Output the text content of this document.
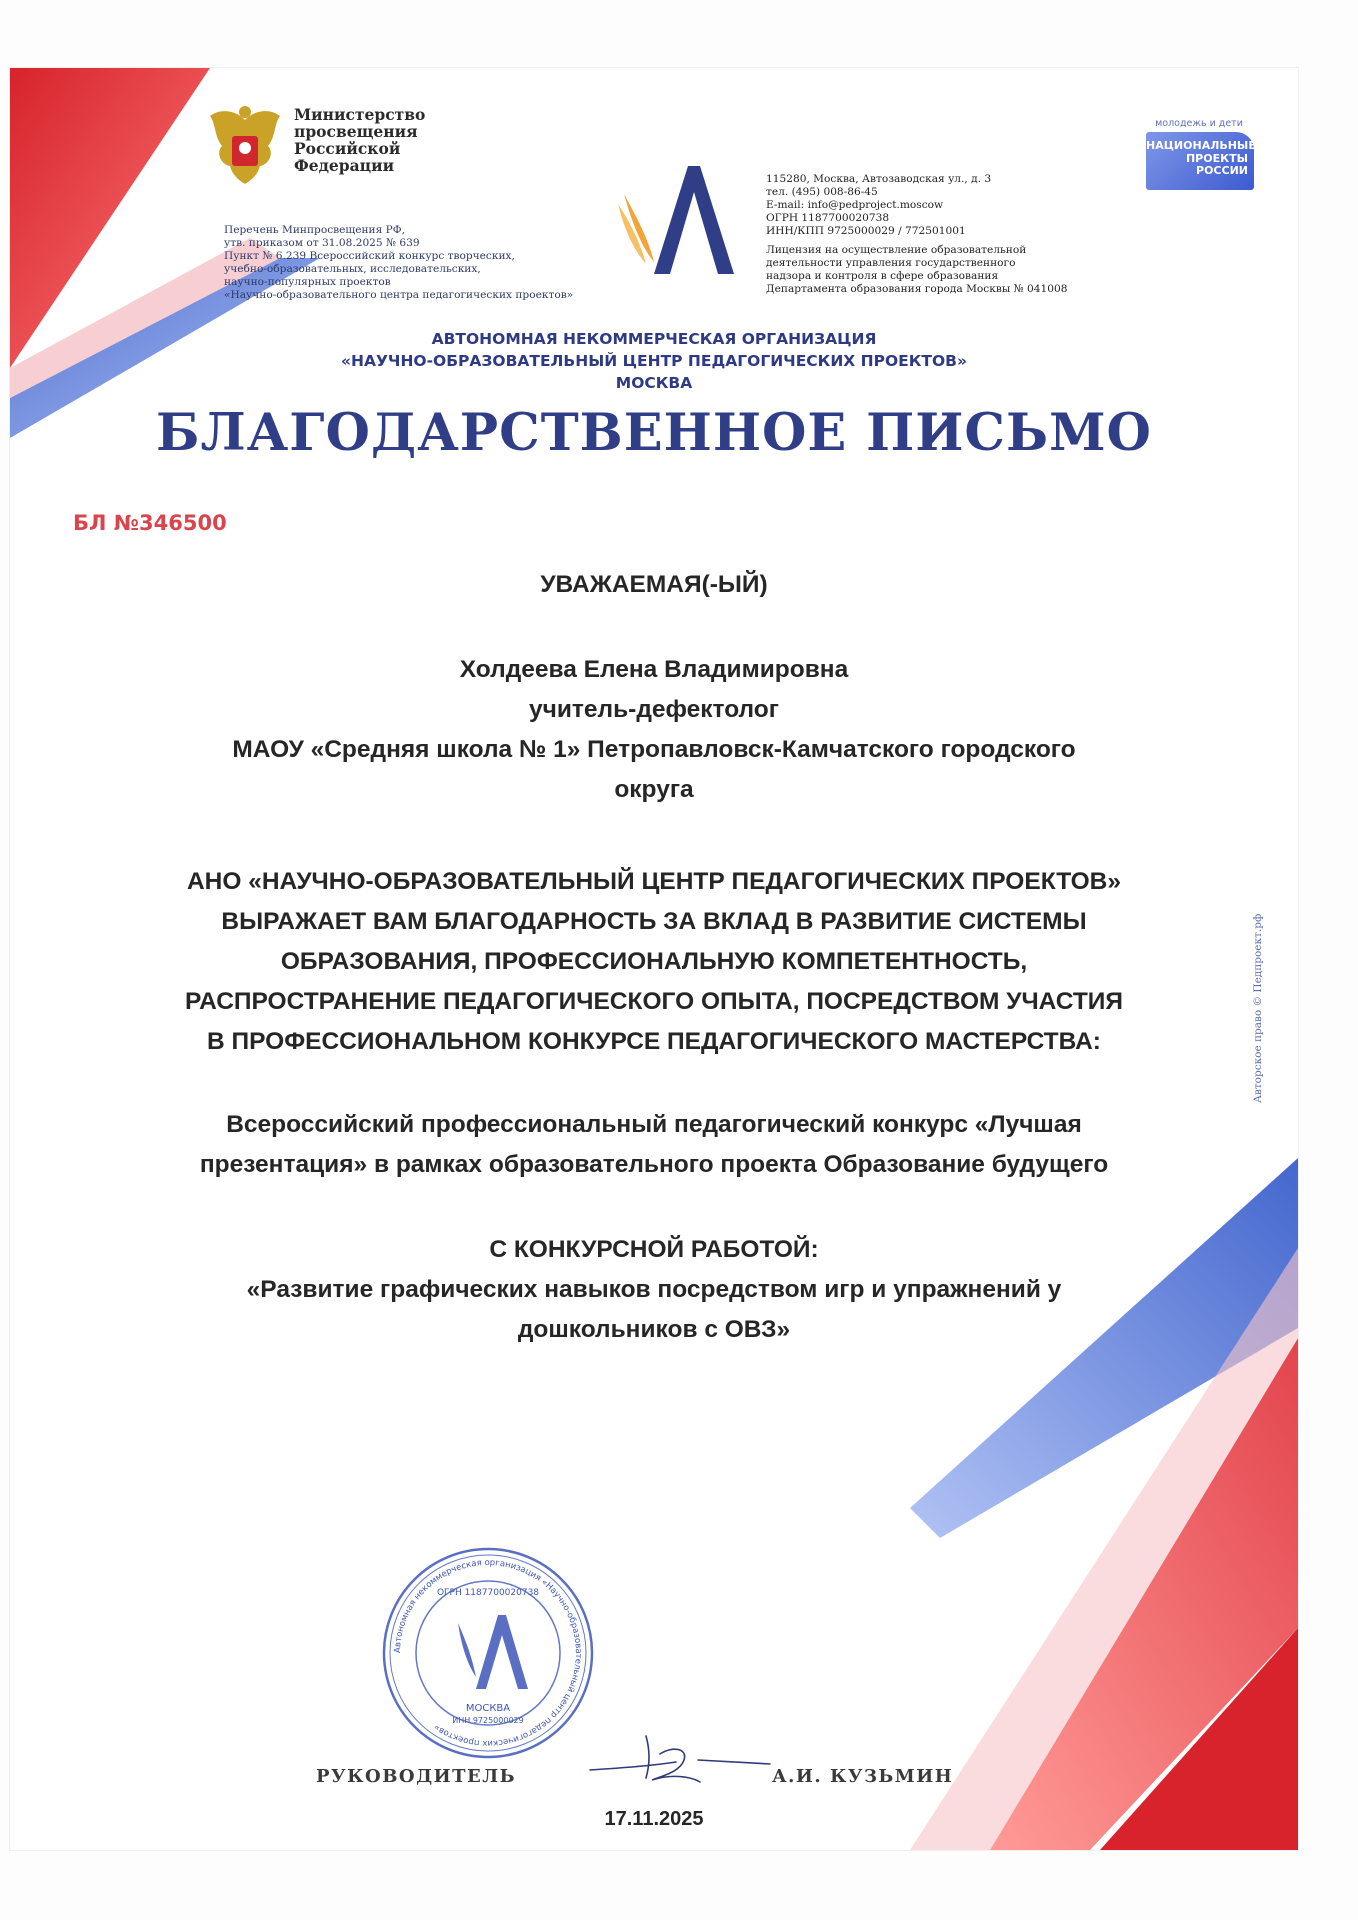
Министерство
просвещения
Российской
Федерации
Перечень Минпросвещения РФ,
утв. приказом от 31.08.2025 № 639
Пункт № 6.239 Всероссийский конкурс творческих,
учебно-образовательных, исследовательских,
научно-популярных проектов
«Научно-образовательного центра педагогических проектов»
115280, Москва, Автозаводская ул., д. 3
тел. (495) 008-86-45
E-mail: info@pedproject.moscow
ОГРН 1187700020738
ИНН/КПП 9725000029 / 772501001
Лицензия на осуществление образовательной
деятельности управления государственного
надзора и контроля в сфере образования
Департамента образования города Москвы № 041008
молодежь и дети
НАЦИОНАЛЬНЫЕ
ПРОЕКТЫ
РОССИИ
АВТОНОМНАЯ НЕКОММЕРЧЕСКАЯ ОРГАНИЗАЦИЯ
«НАУЧНО-ОБРАЗОВАТЕЛЬНЫЙ ЦЕНТР ПЕДАГОГИЧЕСКИХ ПРОЕКТОВ»
МОСКВА
БЛАГОДАРСТВЕННОЕ ПИСЬМО
БЛ №346500
УВАЖАЕМАЯ(-ЫЙ)
Холдеева Елена Владимировна
учитель-дефектолог
МАОУ «Средняя школа № 1» Петропавловск-Камчатского городского
округа
АНО «НАУЧНО-ОБРАЗОВАТЕЛЬНЫЙ ЦЕНТР ПЕДАГОГИЧЕСКИХ ПРОЕКТОВ»
ВЫРАЖАЕТ ВАМ БЛАГОДАРНОСТЬ ЗА ВКЛАД В РАЗВИТИЕ СИСТЕМЫ
ОБРАЗОВАНИЯ, ПРОФЕССИОНАЛЬНУЮ КОМПЕТЕНТНОСТЬ,
РАСПРОСТРАНЕНИЕ ПЕДАГОГИЧЕСКОГО ОПЫТА, ПОСРЕДСТВОМ УЧАСТИЯ
В ПРОФЕССИОНАЛЬНОМ КОНКУРСЕ ПЕДАГОГИЧЕСКОГО МАСТЕРСТВА:
Всероссийский профессиональный педагогический конкурс «Лучшая
презентация» в рамках образовательного проекта Образование будущего
С КОНКУРСНОЙ РАБОТОЙ:
«Развитие графических навыков посредством игр и упражнений у
дошкольников с ОВЗ»
Авторское право © Педпроект.рф
Автономная некоммерческая организация «Научно-образовательный центр педагогических проектов»
ОГРН 1187700020738
МОСКВА
ИНН 9725000029
РУКОВОДИТЕЛЬ	А.И. КУЗЬМИН
17.11.2025
